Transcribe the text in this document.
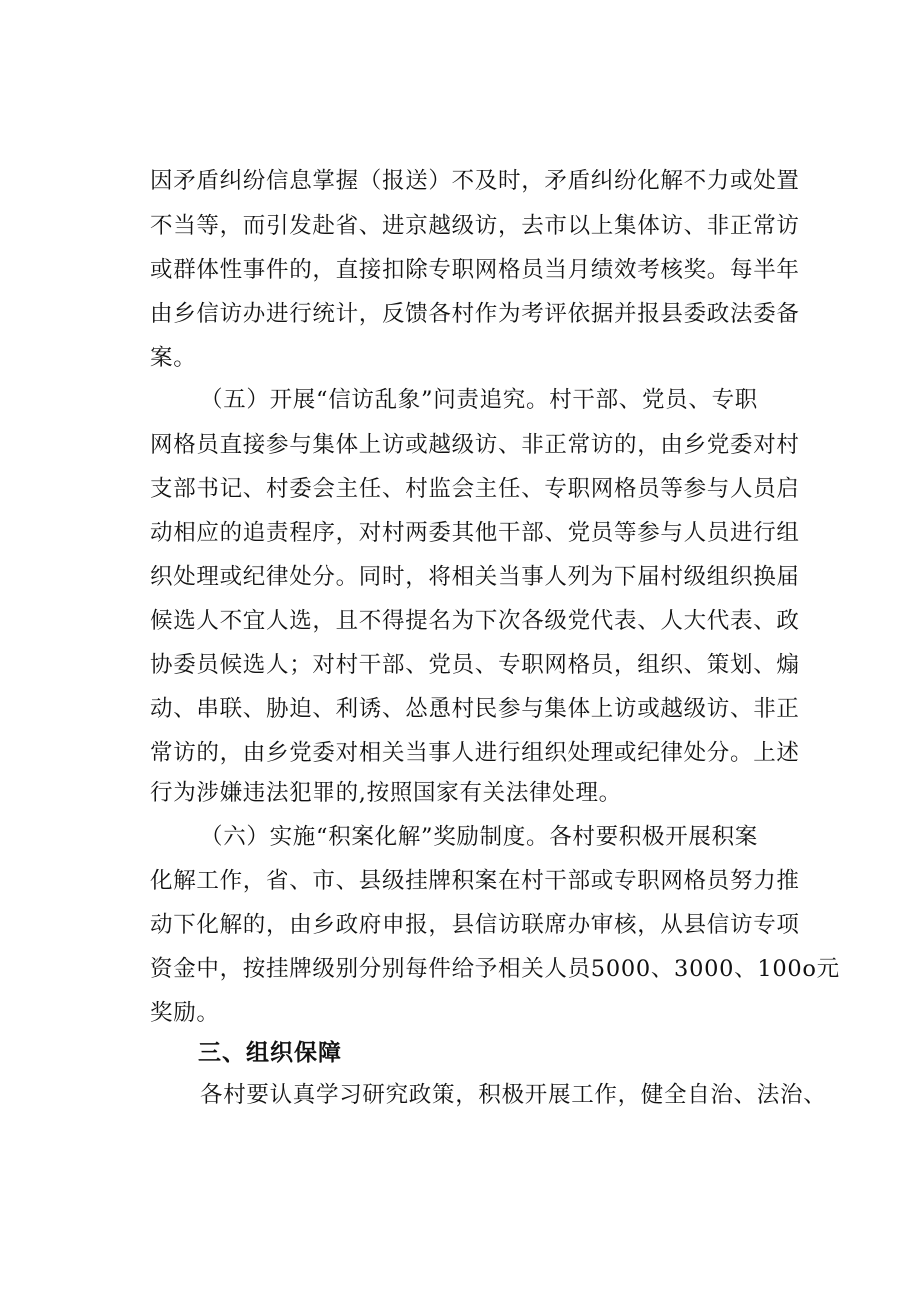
因矛盾纠纷信息掌握（报送）不及时，矛盾纠纷化解不力或处置
不当等，而引发赴省、进京越级访，去市以上集体访、非正常访
或群体性事件的，直接扣除专职网格员当月绩效考核奖。每半年
由乡信访办进行统计，反馈各村作为考评依据并报县委政法委备
案。
（五）开展“信访乱象”问责追究。村干部、党员、专职
网格员直接参与集体上访或越级访、非正常访的，由乡党委对村
支部书记、村委会主任、村监会主任、专职网格员等参与人员启
动相应的追责程序，对村两委其他干部、党员等参与人员进行组
织处理或纪律处分。同时，将相关当事人列为下届村级组织换届
候选人不宜人选，且不得提名为下次各级党代表、人大代表、政
协委员候选人；对村干部、党员、专职网格员，组织、策划、煽
动、串联、胁迫、利诱、怂恿村民参与集体上访或越级访、非正
常访的，由乡党委对相关当事人进行组织处理或纪律处分。上述
行为涉嫌违法犯罪的,按照国家有关法律处理。
（六）实施“积案化解”奖励制度。各村要积极开展积案
化解工作，省、市、县级挂牌积案在村干部或专职网格员努力推
动下化解的，由乡政府申报，县信访联席办审核，从县信访专项
资金中，按挂牌级别分别每件给予相关人员5000、3000、100o元
奖励。
三、组织保障
各村要认真学习研究政策，积极开展工作，健全自治、法治、
